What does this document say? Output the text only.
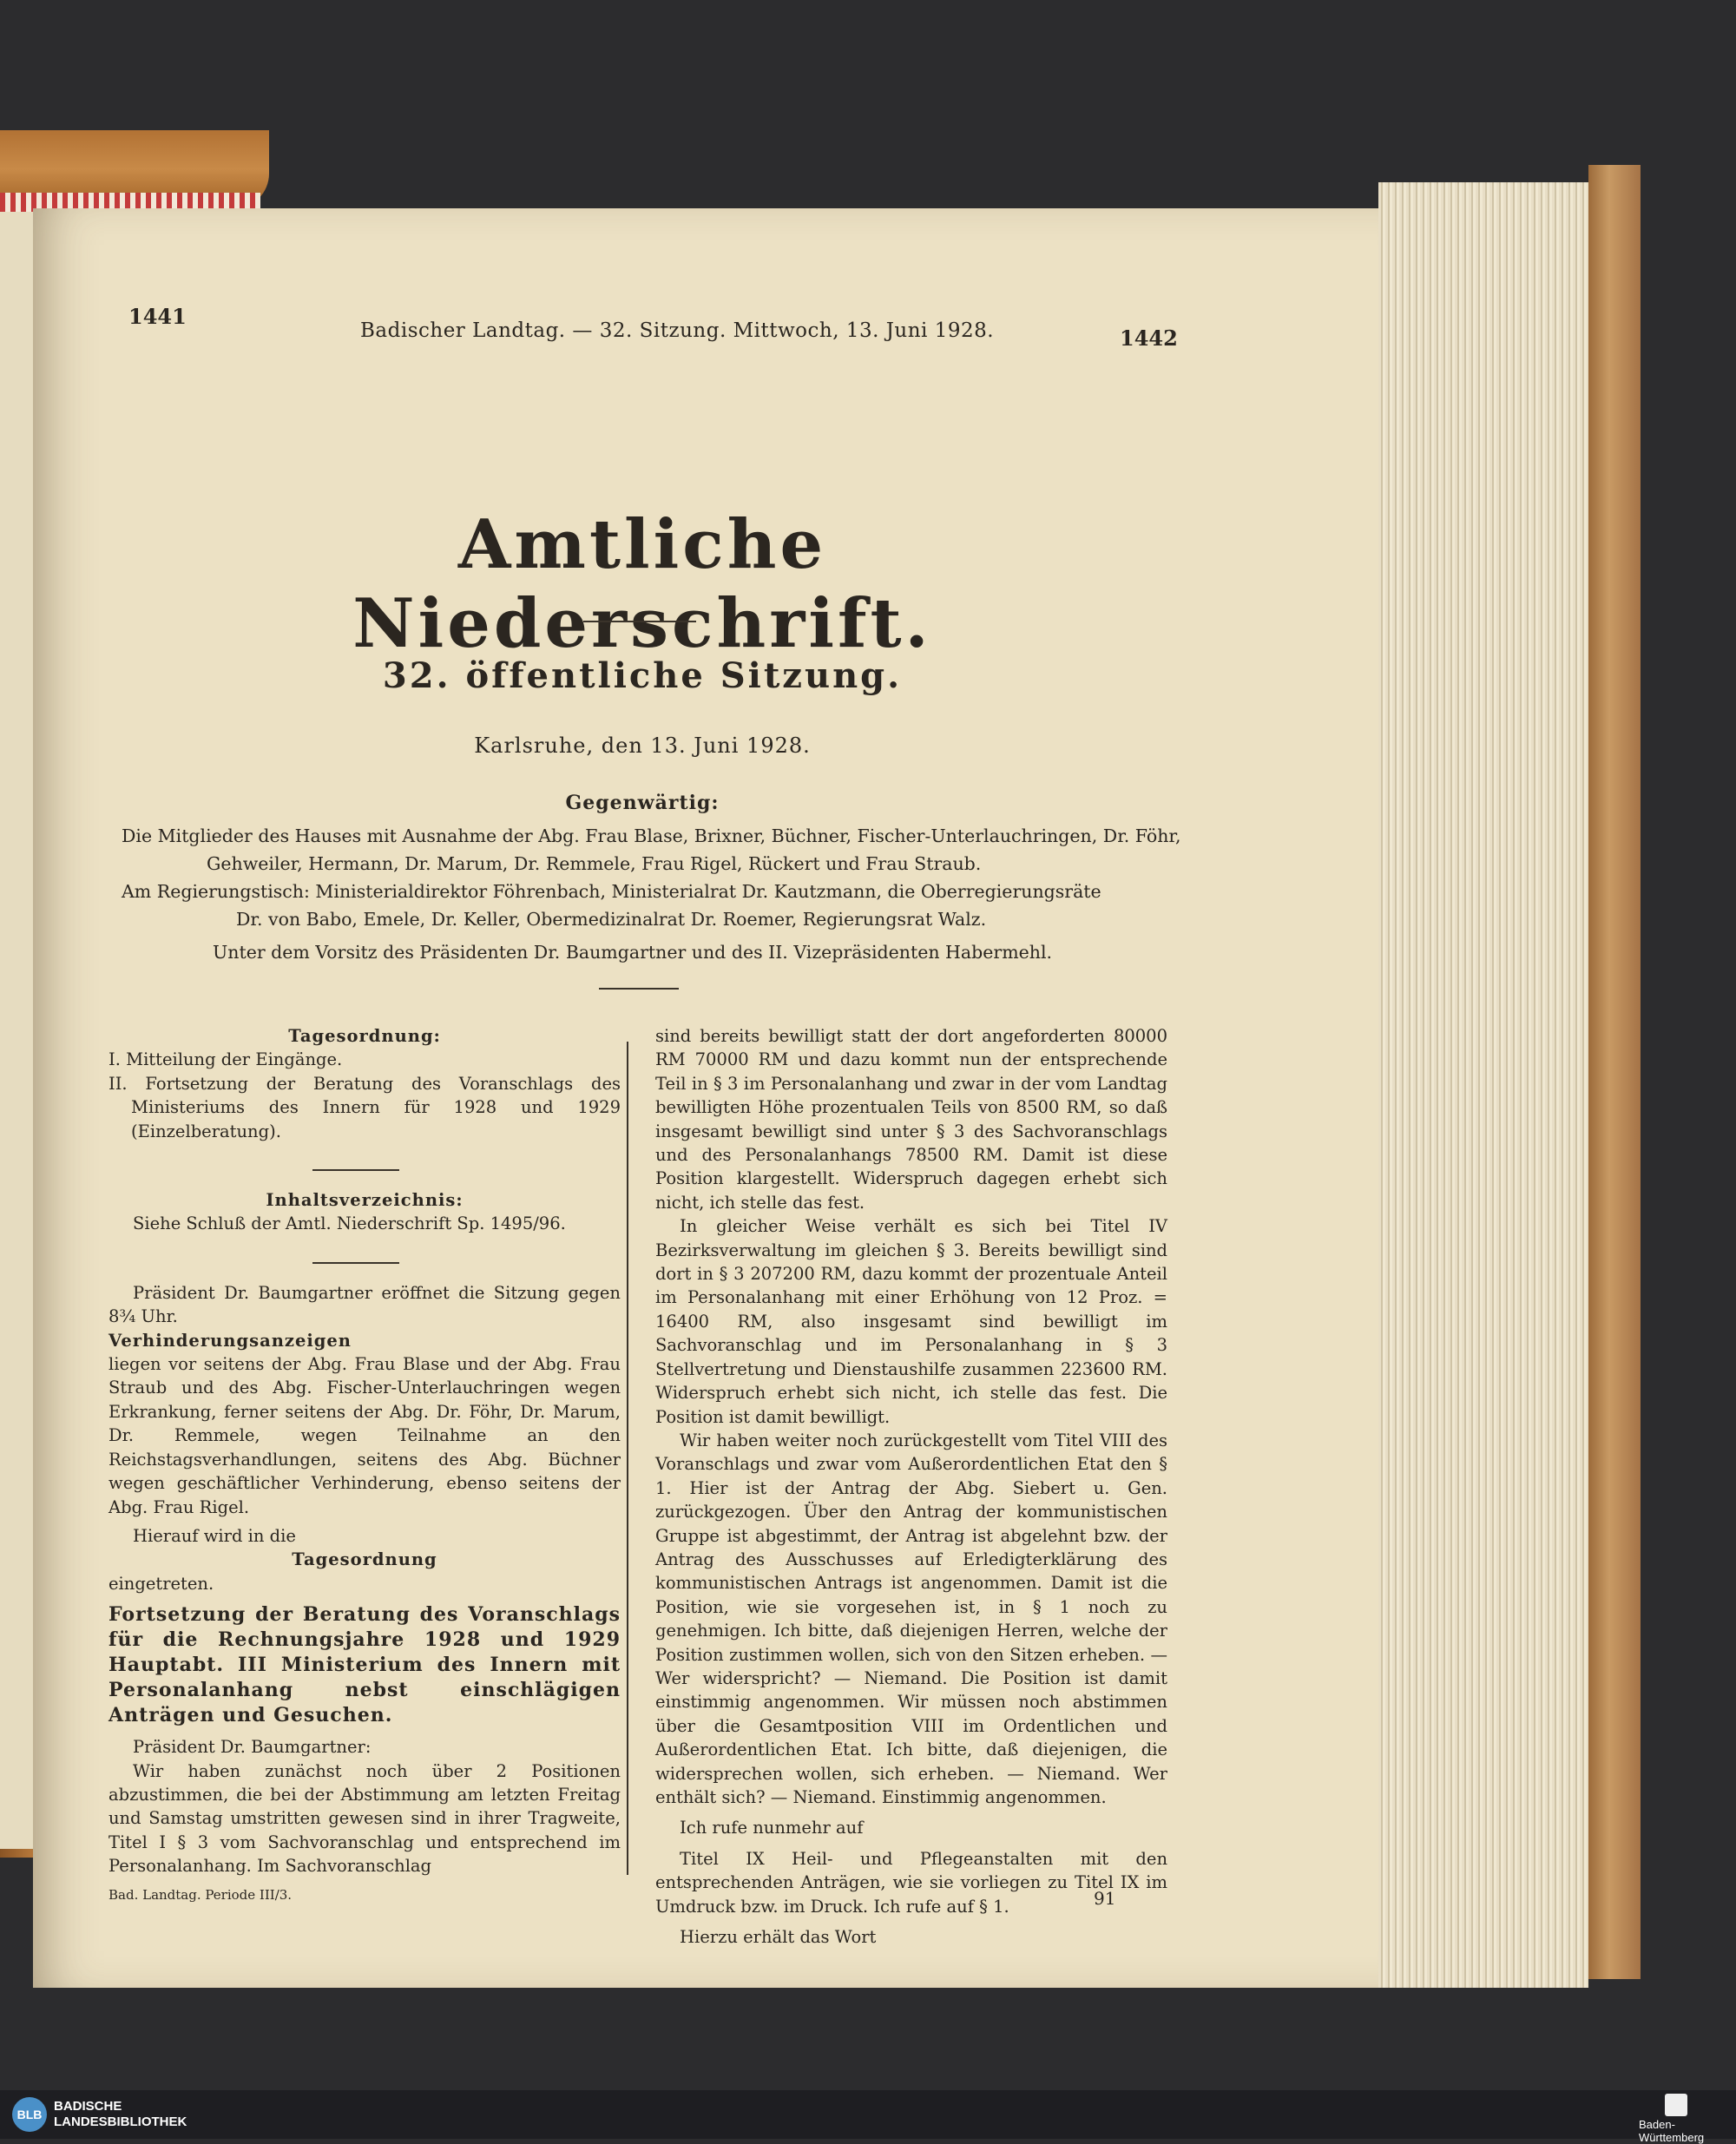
1441
Badischer Landtag. — 32. Sitzung. Mittwoch, 13. Juni 1928.	1442
Amtliche Niederschrift.
32. öffentliche Sitzung.
Karlsruhe, den 13. Juni 1928.
Gegenwärtig:
Die Mitglieder des Hauses mit Ausnahme der Abg. Frau Blase, Brixner, Büchner, Fischer-Unterlauchringen, Dr. Föhr,
Gehweiler, Hermann, Dr. Marum, Dr. Remmele, Frau Rigel, Rückert und Frau Straub.
Am Regierungstisch: Ministerialdirektor Föhrenbach, Ministerialrat Dr. Kautzmann, die Oberregierungsräte
Dr. von Babo, Emele, Dr. Keller, Obermedizinalrat Dr. Roemer, Regierungsrat Walz.
Unter dem Vorsitz des Präsidenten Dr. Baumgartner und des II. Vizepräsidenten Habermehl.

Tagesordnung:

I. Mitteilung der Eingänge.

II. Fortsetzung der Beratung des Voranschlags des Ministeriums des Innern für 1928 und 1929 (Einzelberatung).

Inhaltsverzeichnis:

Siehe Schluß der Amtl. Niederschrift Sp. 1495/96.

Präsident Dr. Baumgartner eröffnet die Sitzung gegen 8¾ Uhr.

Verhinderungsanzeigen

liegen vor seitens der Abg. Frau Blase und der Abg. Frau Straub und des Abg. Fischer-Unterlauchringen wegen Erkrankung, ferner seitens der Abg. Dr. Föhr, Dr. Marum, Dr. Remmele, wegen Teilnahme an den Reichstagsverhandlungen, seitens des Abg. Büchner wegen geschäftlicher Verhinderung, ebenso seitens der Abg. Frau Rigel.

Hierauf wird in die

Tagesordnung

eingetreten.

Fortsetzung der Beratung des Voranschlags für die Rechnungsjahre 1928 und 1929 Hauptabt. III Ministerium des Innern mit Personalanhang nebst einschlägigen Anträgen und Gesuchen.

Präsident Dr. Baumgartner:

Wir haben zunächst noch über 2 Positionen abzustimmen, die bei der Abstimmung am letzten Freitag und Samstag umstritten gewesen sind in ihrer Tragweite, Titel I § 3 vom Sachvoranschlag und entsprechend im Personalanhang. Im Sachvoranschlag

Bad. Landtag. Periode III/3.

sind bereits bewilligt statt der dort angeforderten 80000 RM 70000 RM und dazu kommt nun der entsprechende Teil in § 3 im Personalanhang und zwar in der vom Landtag bewilligten Höhe prozentualen Teils von 8500 RM, so daß insgesamt bewilligt sind unter § 3 des Sachvoranschlags und des Personalanhangs 78500 RM. Damit ist diese Position klargestellt. Widerspruch dagegen erhebt sich nicht, ich stelle das fest.

In gleicher Weise verhält es sich bei Titel IV Bezirksverwaltung im gleichen § 3. Bereits bewilligt sind dort in § 3 207200 RM, dazu kommt der prozentuale Anteil im Personalanhang mit einer Erhöhung von 12 Proz. = 16400 RM, also insgesamt sind bewilligt im Sachvoranschlag und im Personalanhang in § 3 Stellvertretung und Dienstaushilfe zusammen 223600 RM. Widerspruch erhebt sich nicht, ich stelle das fest. Die Position ist damit bewilligt.

Wir haben weiter noch zurückgestellt vom Titel VIII des Voranschlags und zwar vom Außerordentlichen Etat den § 1. Hier ist der Antrag der Abg. Siebert u. Gen. zurückgezogen. Über den Antrag der kommunistischen Gruppe ist abgestimmt, der Antrag ist abgelehnt bzw. der Antrag des Ausschusses auf Erledigterklärung des kommunistischen Antrags ist angenommen. Damit ist die Position, wie sie vorgesehen ist, in § 1 noch zu genehmigen. Ich bitte, daß diejenigen Herren, welche der Position zustimmen wollen, sich von den Sitzen erheben. — Wer widerspricht? — Niemand. Die Position ist damit einstimmig angenommen. Wir müssen noch abstimmen über die Gesamtposition VIII im Ordentlichen und Außerordentlichen Etat. Ich bitte, daß diejenigen, die widersprechen wollen, sich erheben. — Niemand. Wer enthält sich? — Niemand. Einstimmig angenommen.

Ich rufe nunmehr auf

Titel IX Heil- und Pflegeanstalten mit den entsprechenden Anträgen, wie sie vorliegen zu Titel IX im Umdruck bzw. im Druck. Ich rufe auf § 1.

Hierzu erhält das Wort

91
BLB
BADISCHE
LANDESBIBLIOTHEK	Baden-Württemberg
